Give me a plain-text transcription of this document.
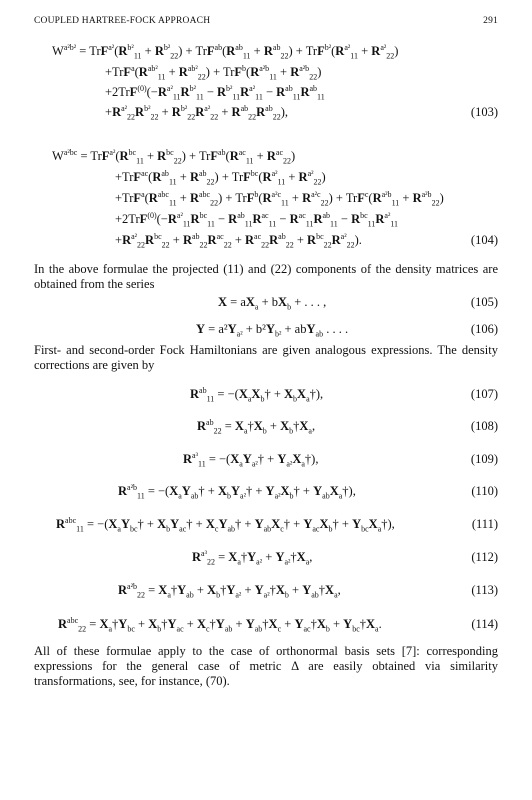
COUPLED HARTREE-FOCK APPROACH	291
$W^{a^2b^2} = TrF^{a^2}(R^{b^2}_{11} + R^{b^2}_{22}) + TrF^{ab}(R^{ab}_{11} + R^{ab}_{22}) + TrF^{b^2}(R^{a^2}_{11} + R^{a^2}_{22})$
$+TrF^a(R^{ab^2}_{11} + R^{ab^2}_{22}) + TrF^b(R^{a^2b}_{11} + R^{a^2b}_{22})$
$+2TrF^{(0)}(-R^{a^2}_{11}R^{b^2}_{11} - R^{b^2}_{11}R^{a^2}_{11} - R^{ab}_{11}R^{ab}_{11}$
$+R^{a^2}_{22}R^{b^2}_{22} + R^{b^2}_{22}R^{a^2}_{22} + R^{ab}_{22}R^{ab}_{22}$),	(103)
$W^{a^2bc} = TrF^{a^2}(R^{bc}_{11} + R^{bc}_{22}) + TrF^{ab}(R^{ac}_{11} + R^{ac}_{22})$
$+TrF^{ac}(R^{ab}_{11} + R^{ab}_{22}) + TrF^{bc}(R^{a^2}_{11} + R^{a^2}_{22})$
$+TrF^a(R^{abc}_{11} + R^{abc}_{22}) + TrF^b(R^{a^2c}_{11} + R^{a^2c}_{22}) + TrF^c(R^{a^2b}_{11} + R^{a^2b}_{22})$
$+2TrF^{(0)}(-R^{a^2}_{11}R^{bc}_{11} - R^{ab}_{11}R^{ac}_{11} - R^{ac}_{11}R^{ab}_{11} - R^{bc}_{11}R^{a^2}_{11}$
$+R^{a^2}_{22}R^{bc}_{22} + R^{ab}_{22}R^{ac}_{22} + R^{ac}_{22}R^{ab}_{22} + R^{bc}_{22}R^{a^2}_{22}$).	(104)
In the above formulae the projected (11) and (22) components of the density matrices are obtained from the series
$X = aX_a + bX_b$ + . . . ,	(105)
$Y = a^2Y_{a^2} + b^2Y_{b^2} + abY_{ab}$ . . . .	(106)
First- and second-order Fock Hamiltonians are given analogous expressions. The density corrections are given by
$R^{ab}_{11}$ = $-(X_aX_b\dagger$ + $X_bX_a\dagger$),	(107)
$R^{ab}_{22}$ = $X_a\dagger X_b$ + $X_b\dagger X_a$,	(108)
$R^{a^3}_{11}$ = $-(X_aY_{a^2}\dagger$ + $Y_{a^2}X_a\dagger$),	(109)
$R^{a^2b}_{11}$ = $-(X_aY_{ab}\dagger$ + $X_bY_{a^2}\dagger$ + $Y_{a^2}X_b\dagger$ + $Y_{ab}X_a\dagger$),	(110)
$R^{abc}_{11}$ = $-(X_aY_{bc}\dagger$ + $X_bY_{ac}\dagger$ + $X_cY_{ab}\dagger$ + $Y_{ab}X_c\dagger$ + $Y_{ac}X_b\dagger$ + $Y_{bc}X_a\dagger$),	(111)
$R^{a^3}_{22}$ = $X_a\dagger Y_{a^2}$ + $Y_{a^2}\dagger X_a$,	(112)
$R^{a^2b}_{22}$ = $X_a\dagger Y_{ab}$ + $X_b\dagger Y_{a^2}$ + $Y_{a^2}\dagger X_b$ + $Y_{ab}\dagger X_a$,	(113)
$R^{abc}_{22}$ = $X_a\dagger Y_{bc}$ + $X_b\dagger Y_{ac}$ + $X_c\dagger Y_{ab}$ + $Y_{ab}\dagger X_c$ + $Y_{ac}\dagger X_b$ + $Y_{bc}\dagger X_a$.	(114)
All of these formulae apply to the case of orthonormal basis sets [7]: corresponding expressions for the general case of metric Δ are easily obtained via similarity transformations, see, for instance, (70).
